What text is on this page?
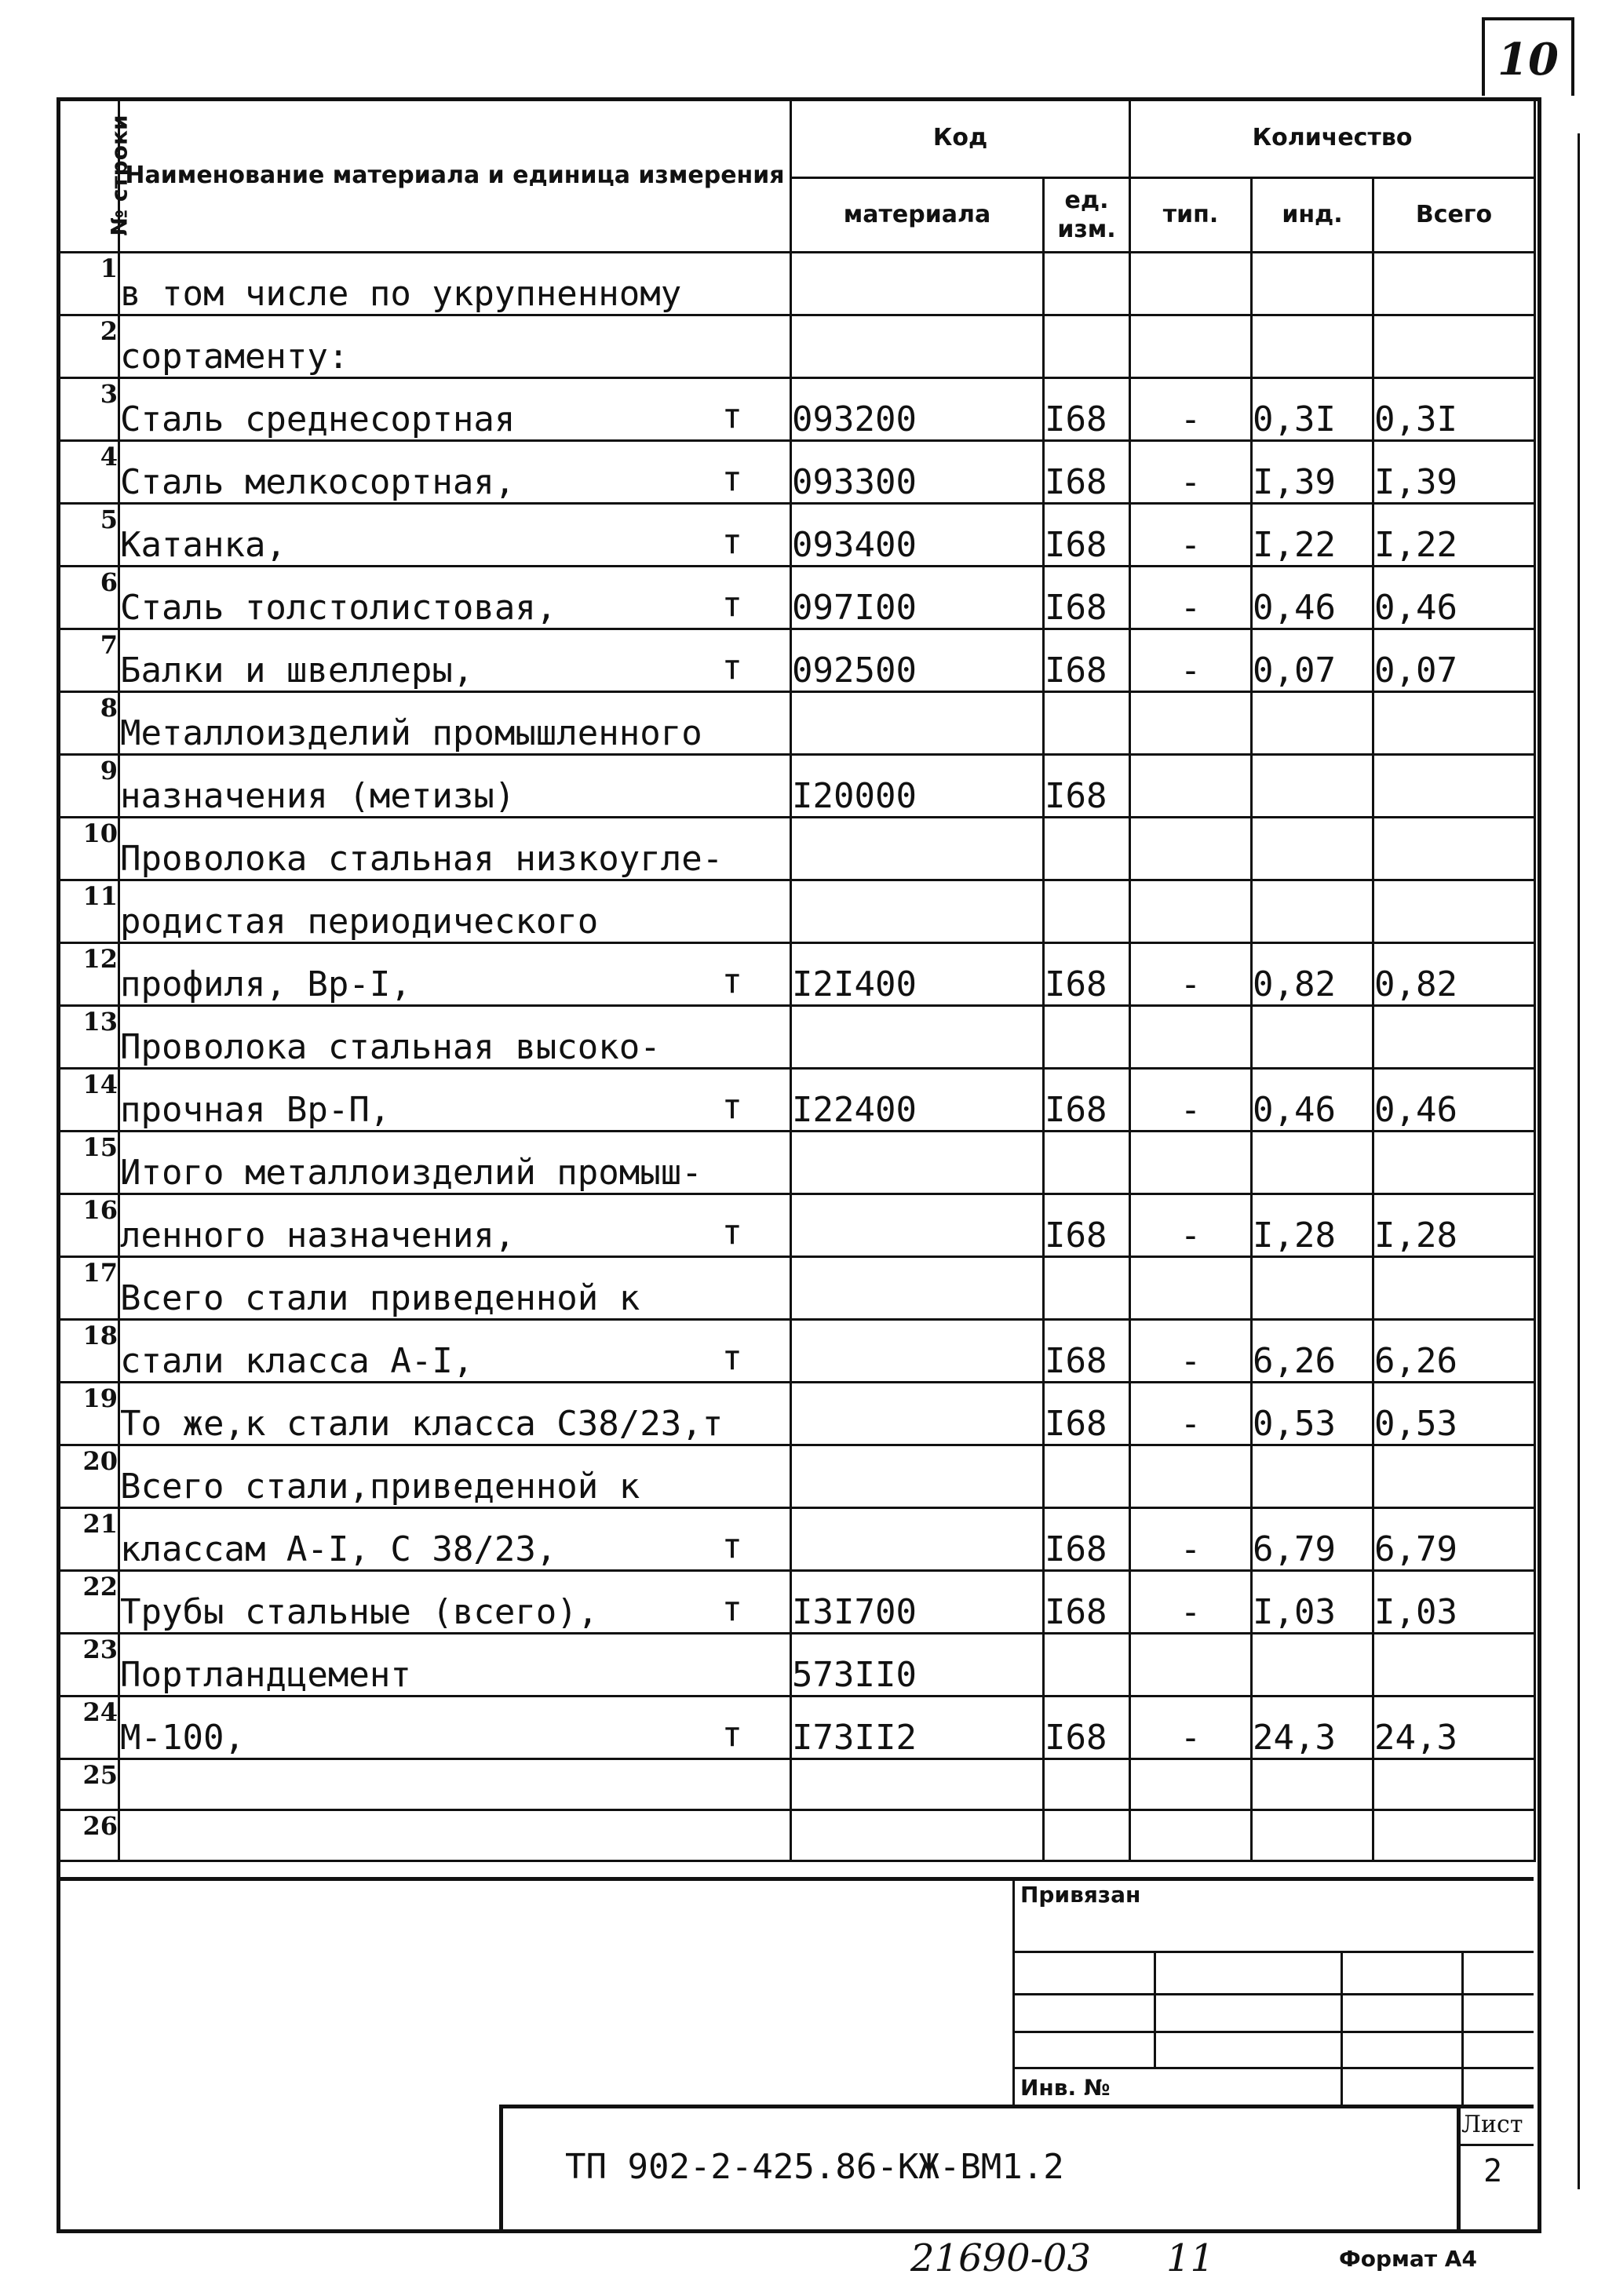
10
№ строки	Наименование материала и единица измерения	Код		Количество		
		материала	ед. изм.	тип.	инд.	Всего
1	в том числе по укрупненному

2	сортаменту:

3	Сталь среднесортная т	093200	I68	-	0,3I	0,3I
4	Сталь мелкосортная, т	093300	I68	-	I,39	I,39
5	Катанка, т	093400	I68	-	I,22	I,22
6	Сталь толстолистовая, т	097I00	I68	-	0,46	0,46
7	Балки и швеллеры, т	092500	I68	-	0,07	0,07
8	Металлоизделий промышленного

9	назначения (метизы)	I20000	I68			
10	Проволока стальная низкоугле-

11	родистая периодического

12	профиля, Вр-I, т	I2I400	I68	-	0,82	0,82
13	Проволока стальная высоко-

14	прочная Вр-П, т	I22400	I68	-	0,46	0,46
15	Итого металлоизделий промыш-

16	ленного назначения, т		I68	-	I,28	I,28
17	Всего стали приведенной к

18	стали класса А-I, т		I68	-	6,26	6,26
19	То же,к стали класса С38/23,т		I68	-	0,53	0,53
20	Всего стали,приведенной к

21	классам А-I, С 38/23, т		I68	-	6,79	6,79
22	Трубы стальные (всего), т	I3I700	I68	-	I,03	I,03
23	Портландцемент	573II0				
24	М-100, т	I73II2	I68	-	24,3	24,3
25	

26	

Привязан
Инв. №
ТП 902-2-425.86-КЖ-ВМ1.2
Лист
2
21690-03 11	Формат А4
